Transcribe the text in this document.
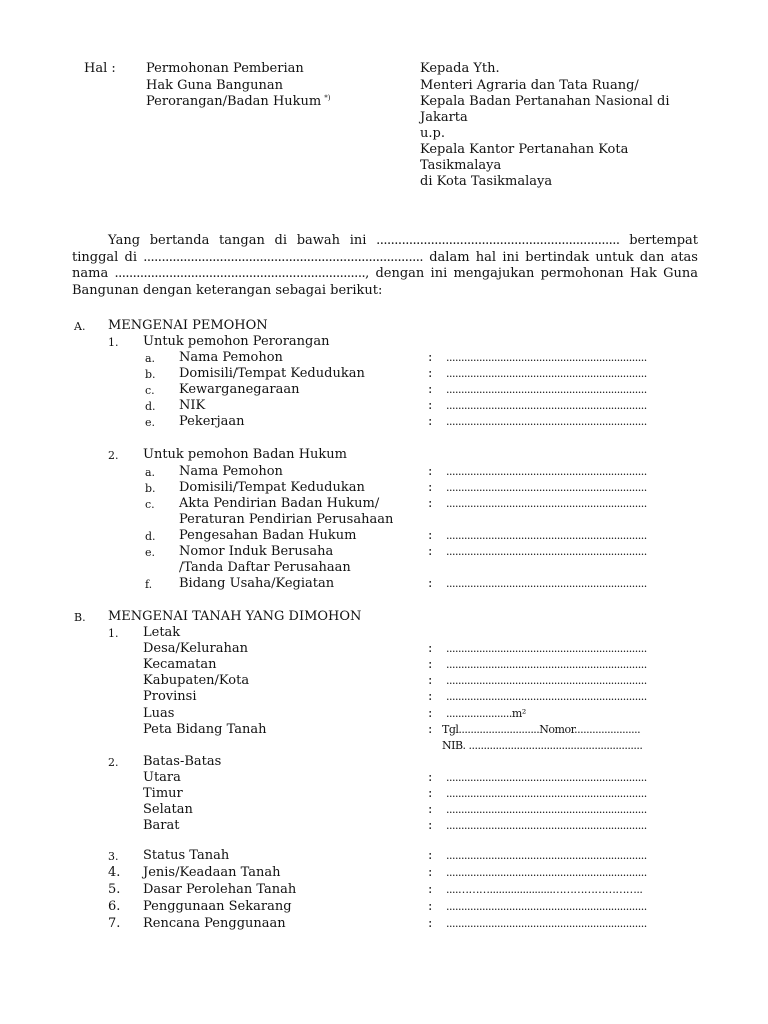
Hal : Permohonan Pemberian
Hak Guna Bangunan
Perorangan/Badan Hukum *)
Kepada Yth.
Menteri Agraria dan Tata Ruang/
Kepala Badan Pertanahan Nasional di
Jakarta
u.p.
Kepala Kantor Pertanahan Kota
Tasikmalaya
di Kota Tasikmalaya
Yang bertanda tangan di bawah ini ................................................................... bertempat tinggal di ............................................................................. dalam hal ini bertindak untuk dan atas nama ....................................................................., dengan ini mengajukan permohonan Hak Guna Bangunan dengan keterangan sebagai berikut:
A. MENGENAI PEMOHON
1. Untuk pemohon Perorangan
a. Nama Pemohon	: ...................................................................
b. Domisili/Tempat Kedudukan	: ...................................................................
c. Kewarganegaraan	: ...................................................................
d. NIK	: ...................................................................
e. Pekerjaan	: ...................................................................
2. Untuk pemohon Badan Hukum
a. Nama Pemohon	: ...................................................................
b. Domisili/Tempat Kedudukan	: ...................................................................
c. Akta Pendirian Badan Hukum/
Peraturan Pendirian Perusahaan
: ...................................................................
d. Pengesahan Badan Hukum	: ...................................................................
e. Nomor Induk Berusaha
/Tanda Daftar Perusahaan
: ...................................................................
f. Bidang Usaha/Kegiatan	: ...................................................................
B. MENGENAI TANAH YANG DIMOHON
1. Letak
Desa/Kelurahan	: ...................................................................
Kecamatan	: ...................................................................
Kabupaten/Kota	: ...................................................................
Provinsi	: ...................................................................
Luas	: ......................m²
Peta Bidang Tanah	: Tgl...........................Nomor......................
NIB. ..........................................................
2. Batas-Batas
Utara	: ...................................................................
Timur	: ...................................................................
Selatan	: ...................................................................
Barat	: ...................................................................
3. Status Tanah	: ...................................................................
4. Jenis/Keadaan Tanah	: ...................................................................
5. Dasar Perolehan Tanah	: ....……….....................……………………..
6. Penggunaan Sekarang	: ...................................................................
7. Rencana Penggunaan	: ...................................................................
